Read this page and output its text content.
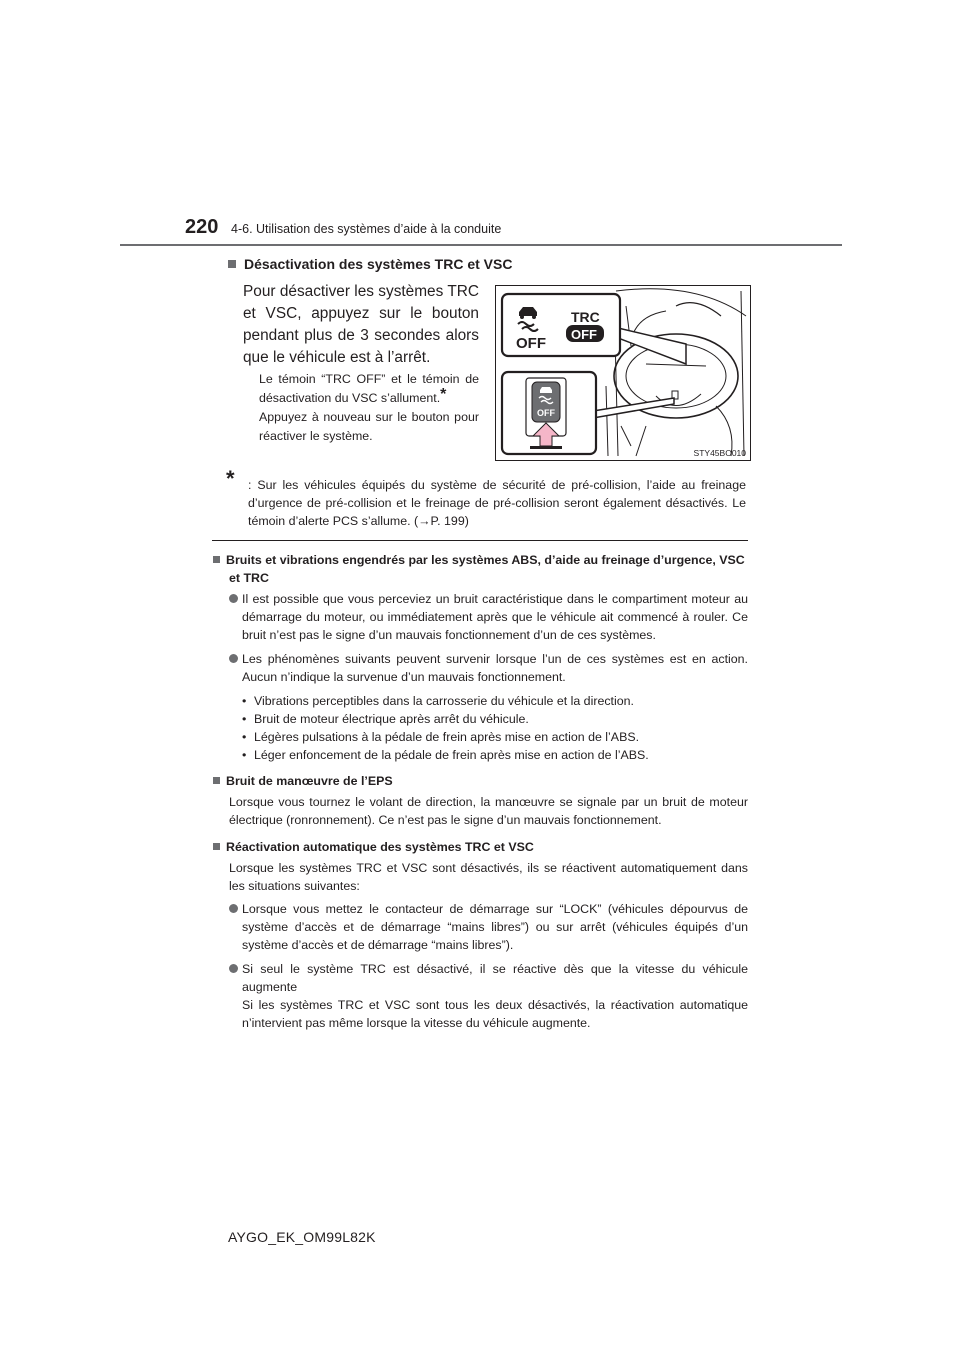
220 4-6. Utilisation des systèmes d’aide à la conduite
Désactivation des systèmes TRC et VSC
Pour désactiver les systèmes TRC et VSC, appuyez sur le bouton pendant plus de 3 secondes alors que le véhicule est à l’arrêt.

Le témoin “TRC OFF” et le témoin de désactivation du VSC s’allument.*

Appuyez à nouveau sur le bouton pour réactiver le système.

OFF
TRC
OFF
OFF
STY45BO010
*	: Sur les véhicules équipés du système de sécurité de pré-collision, l’aide au freinage d’urgence de pré-collision et le freinage de pré-collision seront également désactivés. Le témoin d’alerte PCS s’allume. (→P. 199)
Bruits et vibrations engendrés par les systèmes ABS, d’aide au freinage d’urgence, VSC et TRC
Il est possible que vous perceviez un bruit caractéristique dans le compartiment moteur au démarrage du moteur, ou immédiatement après que le véhicule ait commencé à rouler. Ce bruit n’est pas le signe d’un mauvais fonctionnement d’un de ces systèmes.
Les phénomènes suivants peuvent survenir lorsque l’un de ces systèmes est en action. Aucun n’indique la survenue d’un mauvais fonctionnement.
• Vibrations perceptibles dans la carrosserie du véhicule et la direction.
• Bruit de moteur électrique après arrêt du véhicule.
• Légères pulsations à la pédale de frein après mise en action de l’ABS.
• Léger enfoncement de la pédale de frein après mise en action de l’ABS.
Bruit de manœuvre de l’EPS
Lorsque vous tournez le volant de direction, la manœuvre se signale par un bruit de moteur électrique (ronronnement). Ce n’est pas le signe d’un mauvais fonctionnement.
Réactivation automatique des systèmes TRC et VSC
Lorsque les systèmes TRC et VSC sont désactivés, ils se réactivent automatiquement dans les situations suivantes:
Lorsque vous mettez le contacteur de démarrage sur “LOCK” (véhicules dépourvus de système d’accès et de démarrage “mains libres”) ou sur arrêt (véhicules équipés d’un système d’accès et de démarrage “mains libres”).
Si seul le système TRC est désactivé, il se réactive dès que la vitesse du véhicule augmente
Si les systèmes TRC et VSC sont tous les deux désactivés, la réactivation automatique n’intervient pas même lorsque la vitesse du véhicule augmente.
AYGO_EK_OM99L82K
